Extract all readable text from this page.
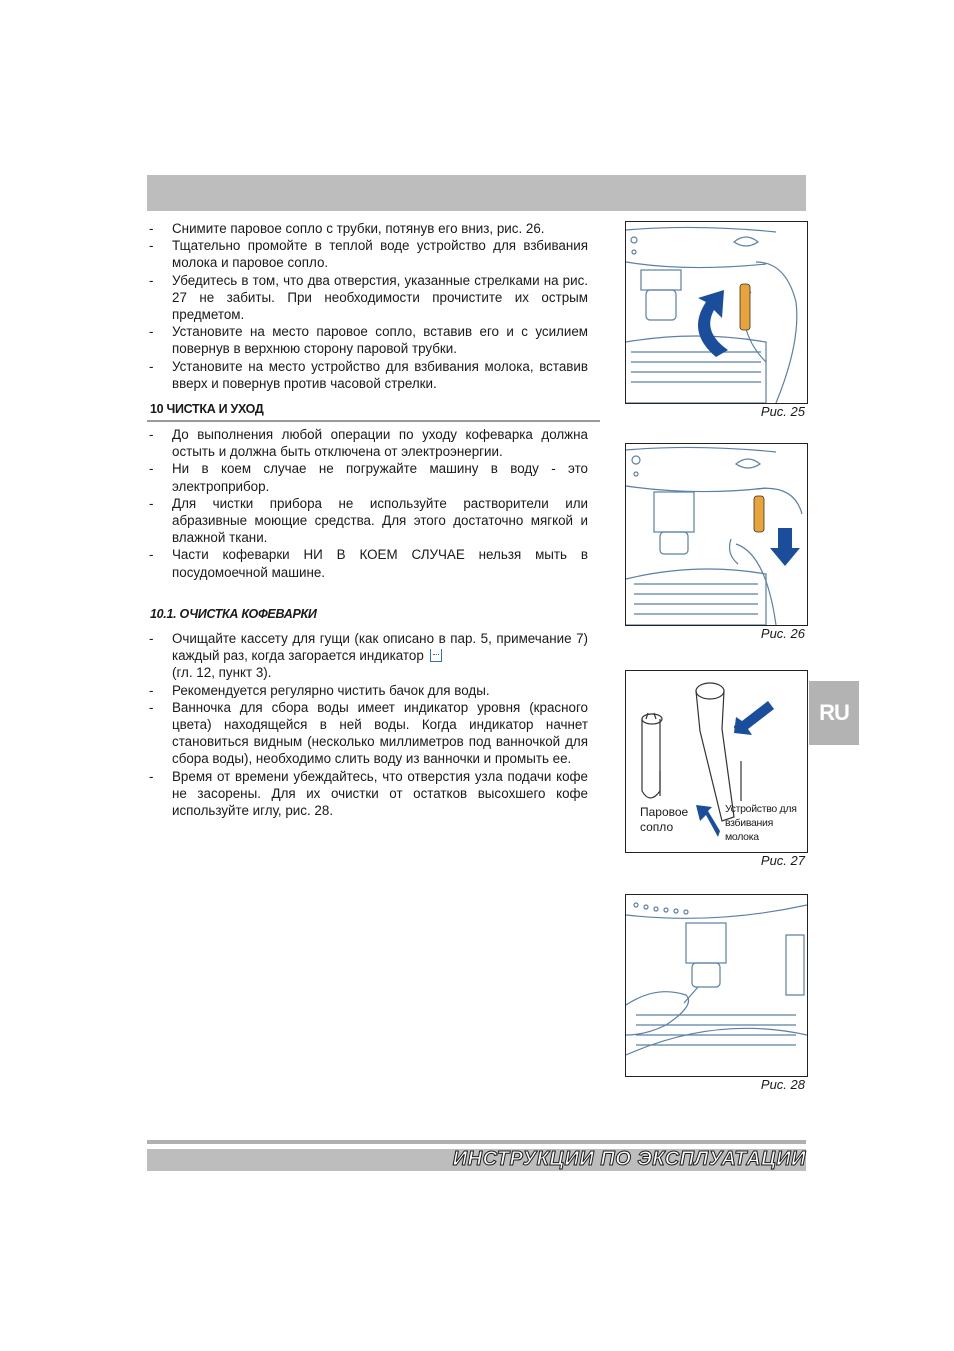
-	Снимите паровое сопло с трубки, потянув его вниз, рис. 26.
-	Тщательно промойте в теплой воде устройство для взбивания молока и паровое сопло.
-	Убедитесь в том, что два отверстия, указанные стрелками на рис. 27 не забиты. При необходимости прочистите их острым предметом.
-	Установите на место паровое сопло, вставив его и с усилием повернув в верхнюю сторону паровой трубки.
-	Установите на место устройство для взбивания молока, вставив вверх и повернув против часовой стрелки.
10 ЧИСТКА И УХОД
-	До выполнения любой операции по уходу кофеварка должна остыть и должна быть отключена от электроэнергии.
-	Ни в коем случае не погружайте машину в воду - это электроприбор.
-	Для чистки прибора не используйте растворители или абразивные моющие средства. Для этого достаточно мягкой и влажной ткани.
-	Части кофеварки НИ В КОЕМ СЛУЧАЕ нельзя мыть в посудомоечной машине.
10.1. ОЧИСТКА КОФЕВАРКИ
-	Очищайте кассету для гущи (как описано в пар. 5, примечание 7) каждый раз, когда загорается индикатор
(гл. 12, пункт 3).
-	Рекомендуется регулярно чистить бачок для воды.
-	Ванночка для сбора воды имеет индикатор уровня (красного цвета) находящейся в ней воды. Когда индикатор начнет становиться видным (несколько миллиметров под ванночкой для сбора воды), необходимо слить воду из ванночки и промыть ее.
-	Время от времени убеждайтесь, что отверстия узла подачи кофе не засорены. Для их очистки от остатков высохшего кофе используйте иглу, рис. 28.
Рис. 25
Рис. 26
Паровое сопло
Устройство для взбивания молока
Рис. 27
Рис. 28
RU
ИНСТРУКЦИИ ПО ЭКСПЛУАТАЦИИ
